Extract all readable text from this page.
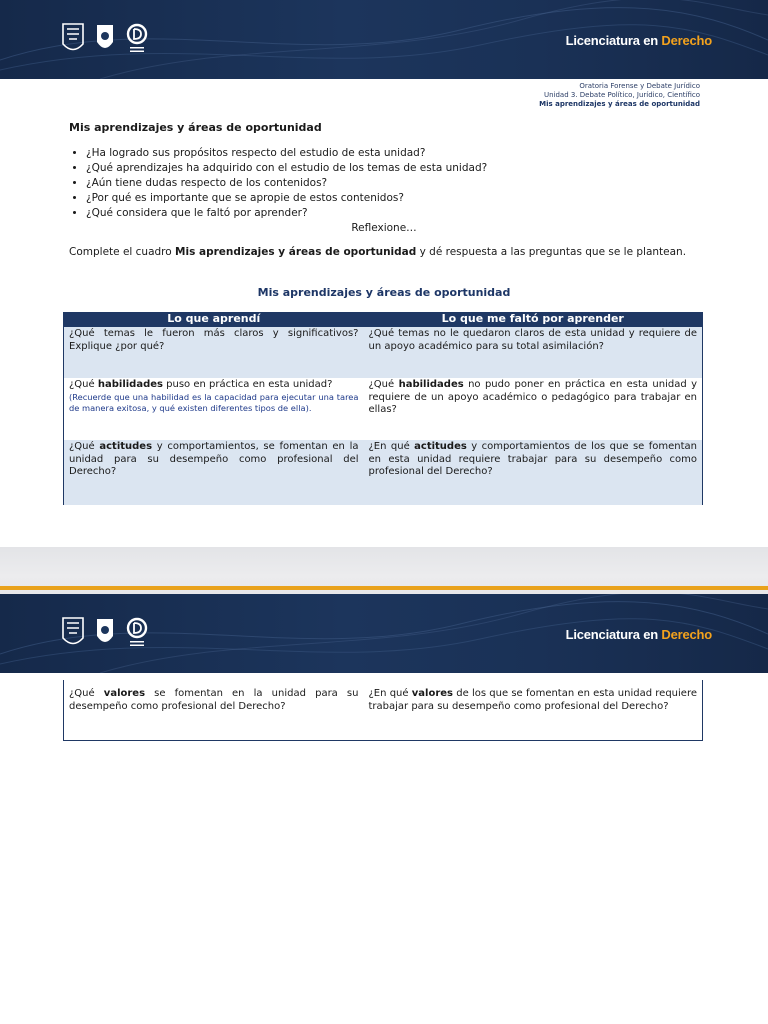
Licenciatura en Derecho
Oratoria Forense y Debate Jurídico
Unidad 3. Debate Político, Jurídico, Científico
Mis aprendizajes y áreas de oportunidad
Mis aprendizajes y áreas de oportunidad
• ¿Ha logrado sus propósitos respecto del estudio de esta unidad?
• ¿Qué aprendizajes ha adquirido con el estudio de los temas de esta unidad?
• ¿Aún tiene dudas respecto de los contenidos?
• ¿Por qué es importante que se apropie de estos contenidos?
• ¿Qué considera que le faltó por aprender?
Reflexione…
Complete el cuadro Mis aprendizajes y áreas de oportunidad y dé respuesta a las preguntas que se le plantean.
Mis aprendizajes y áreas de oportunidad
Lo que aprendí	Lo que me faltó por aprender
¿Qué temas le fueron más claros y significativos? Explique ¿por qué?	¿Qué temas no le quedaron claros de esta unidad y requiere de un apoyo académico para su total asimilación?
¿Qué habilidades puso en práctica en esta unidad?
(Recuerde que una habilidad es la capacidad para ejecutar una tarea de manera exitosa, y qué existen diferentes tipos de ella).	¿Qué habilidades no pudo poner en práctica en esta unidad y requiere de un apoyo académico o pedagógico para trabajar en ellas?
¿Qué actitudes y comportamientos, se fomentan en la unidad para su desempeño como profesional del Derecho?	¿En qué actitudes y comportamientos de los que se fomentan en esta unidad requiere trabajar para su desempeño como profesional del Derecho?
Licenciatura en Derecho
¿Qué valores se fomentan en la unidad para su desempeño como profesional del Derecho?	¿En qué valores de los que se fomentan en esta unidad requiere trabajar para su desempeño como profesional del Derecho?
